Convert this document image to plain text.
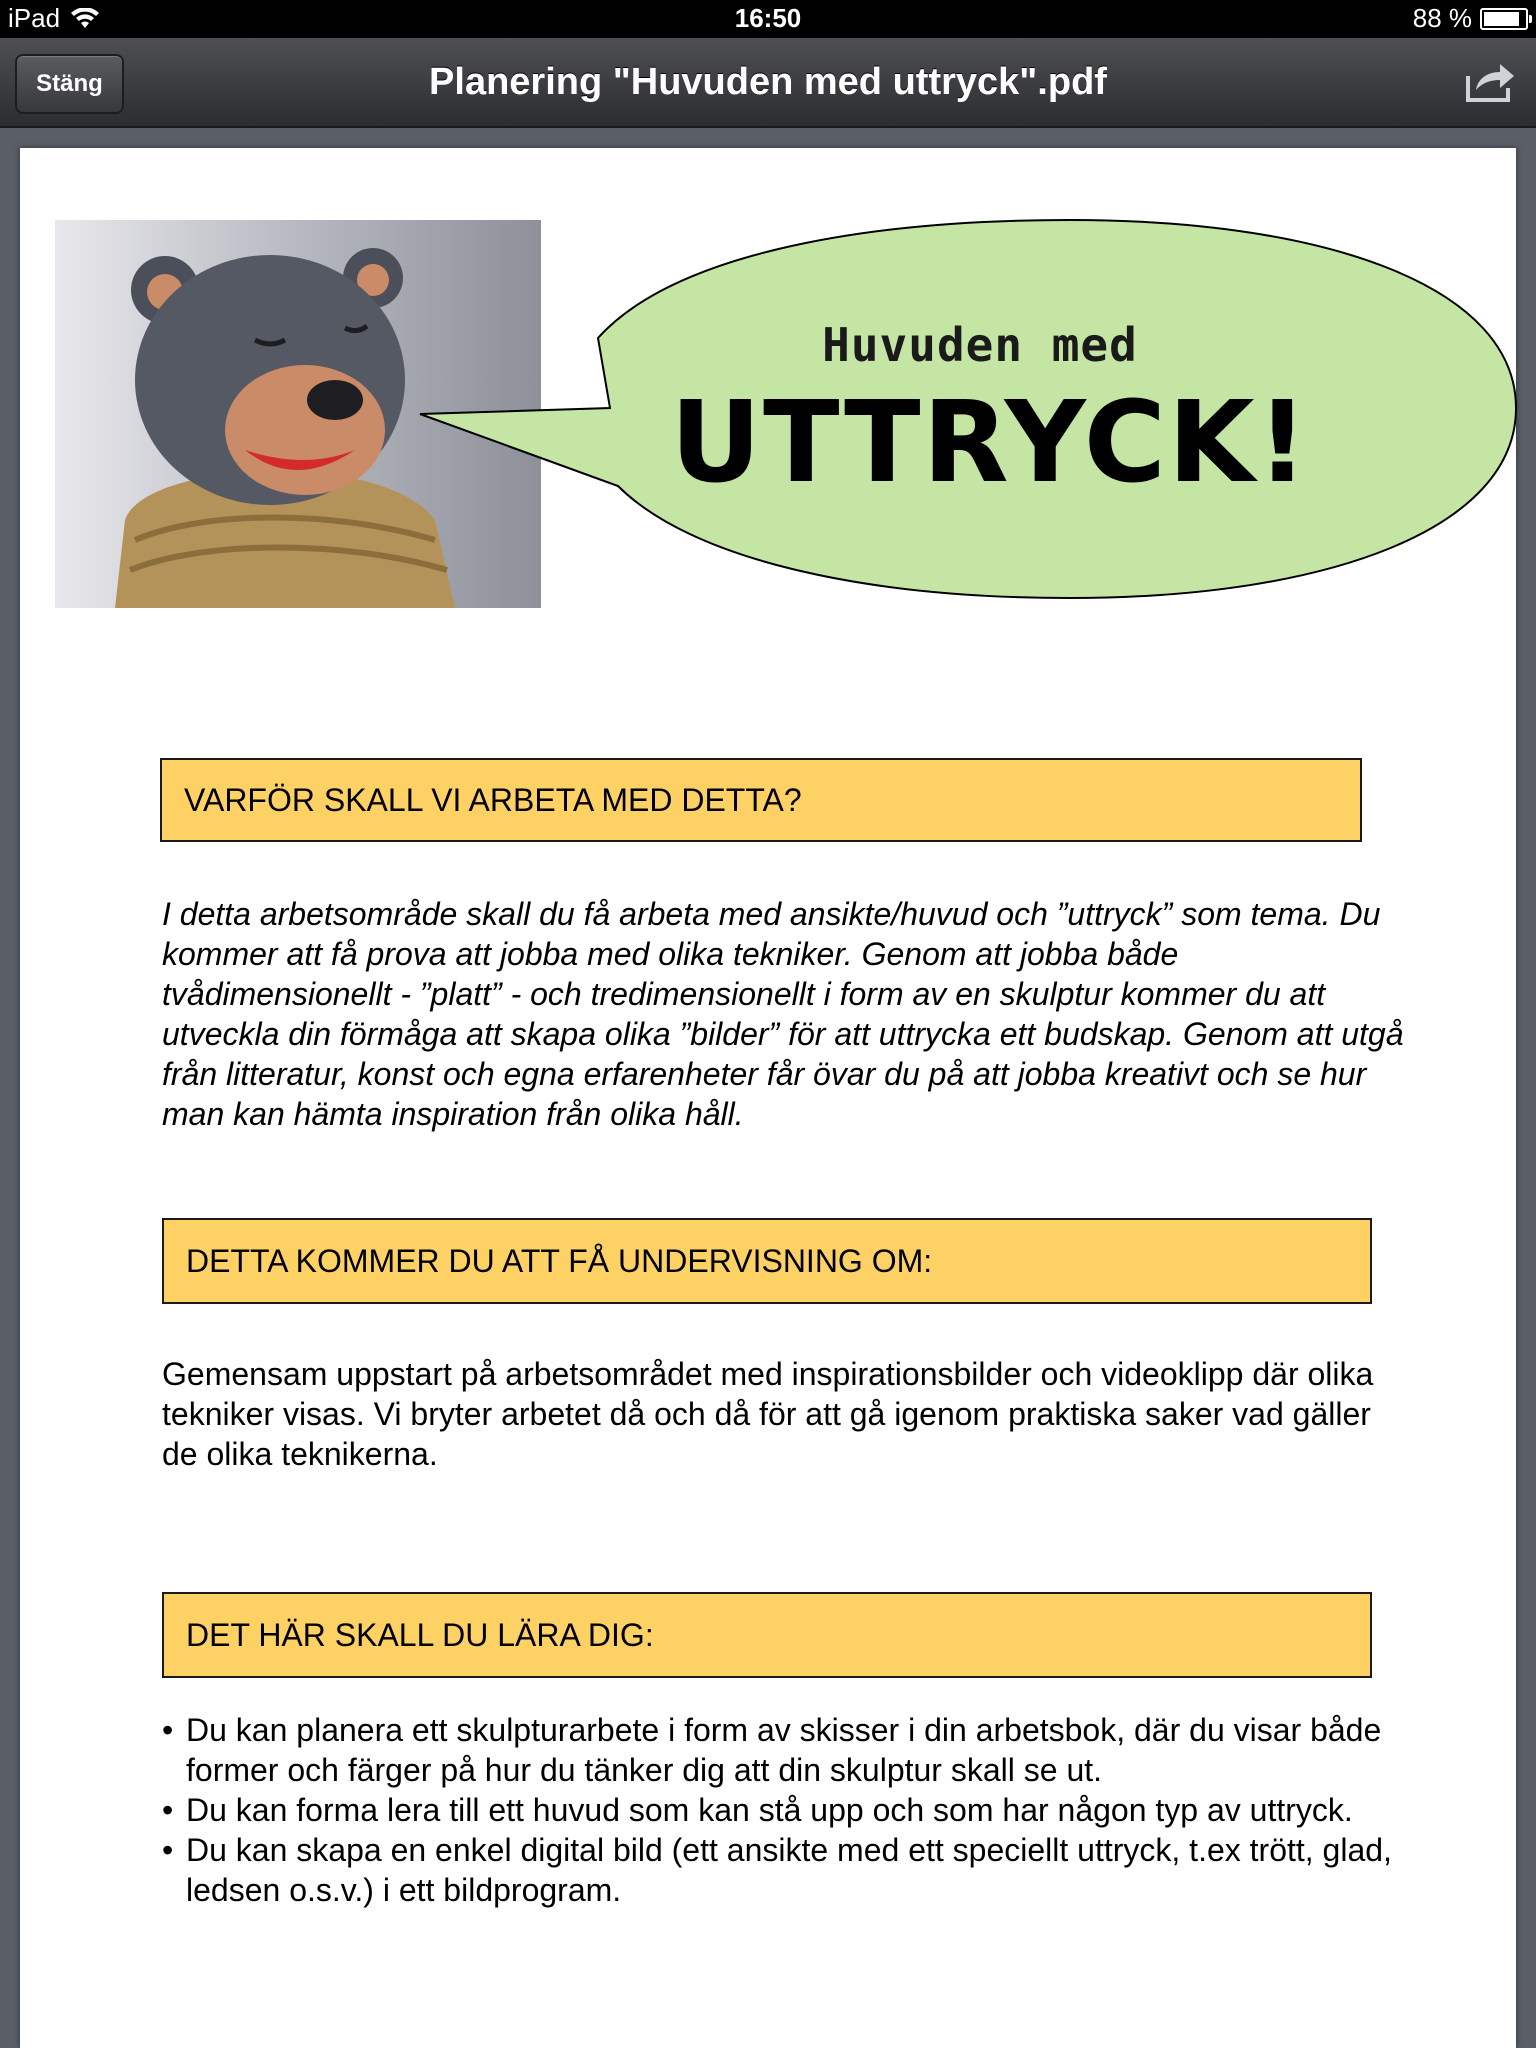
iPad	16:50	88 %
Stäng	Planering "Huvuden med uttryck".pdf
Huvuden med
UTTRYCK!
VARFÖR SKALL VI ARBETA MED DETTA?
I detta arbetsområde skall du få arbeta med ansikte/huvud och ”uttryck” som tema. Du kommer att få prova att jobba med olika tekniker. Genom att jobba både tvådimensionellt - ”platt” - och tredimensionellt i form av en skulptur kommer du att utveckla din förmåga att skapa olika ”bilder” för att uttrycka ett budskap. Genom att utgå från litteratur, konst och egna erfarenheter får övar du på att jobba kreativt och se hur man kan hämta inspiration från olika håll.
DETTA KOMMER DU ATT FÅ UNDERVISNING OM:
Gemensam uppstart på arbetsområdet med inspirationsbilder och videoklipp där olika tekniker visas. Vi bryter arbetet då och då för att gå igenom praktiska saker vad gäller de olika teknikerna.
DET HÄR SKALL DU LÄRA DIG:
• Du kan planera ett skulpturarbete i form av skisser i din arbetsbok, där du visar både former och färger på hur du tänker dig att din skulptur skall se ut.
• Du kan forma lera till ett huvud som kan stå upp och som har någon typ av uttryck.
• Du kan skapa en enkel digital bild (ett ansikte med ett speciellt uttryck, t.ex trött, glad, ledsen o.s.v.) i ett bildprogram.
